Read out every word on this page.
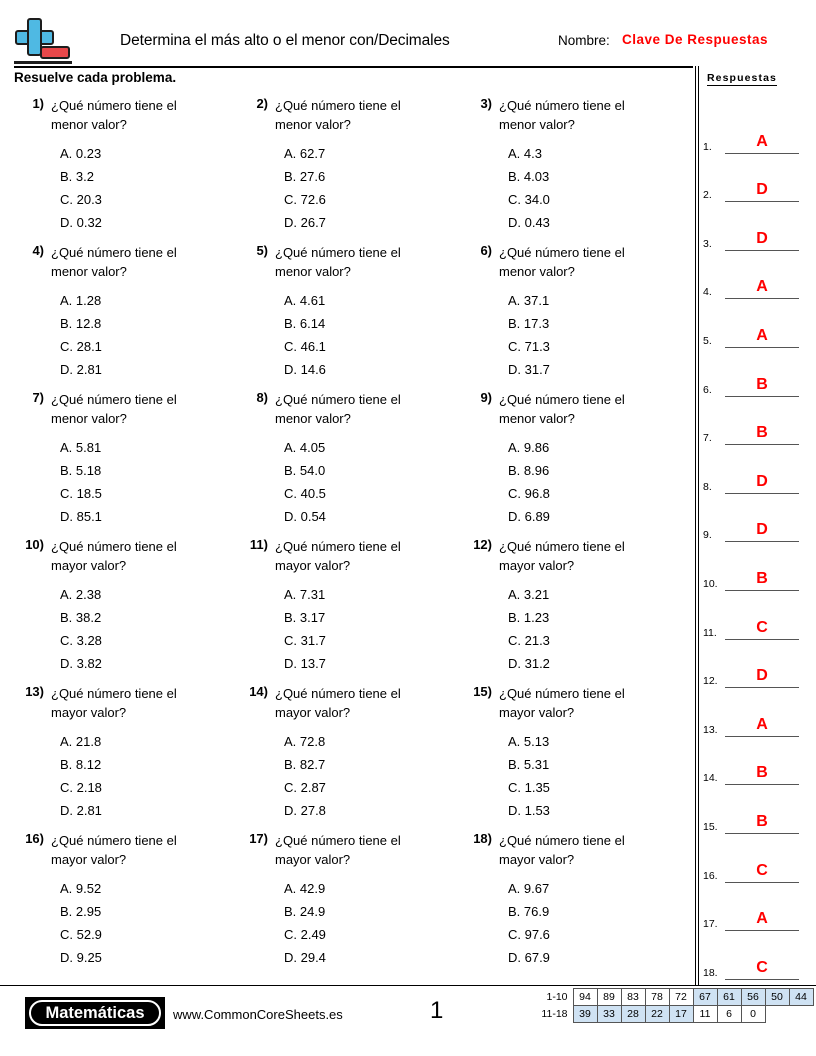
Determina el más alto o el menor con/Decimales	Nombre: Clave De Respuestas
Resuelve cada problema.
1) ¿Qué número tiene el menor valor?
A. 0.23
B. 3.2
C. 20.3
D. 0.32
2) ¿Qué número tiene el menor valor?
A. 62.7
B. 27.6
C. 72.6
D. 26.7
3) ¿Qué número tiene el menor valor?
A. 4.3
B. 4.03
C. 34.0
D. 0.43
4) ¿Qué número tiene el menor valor?
A. 1.28
B. 12.8
C. 28.1
D. 2.81
5) ¿Qué número tiene el menor valor?
A. 4.61
B. 6.14
C. 46.1
D. 14.6
6) ¿Qué número tiene el menor valor?
A. 37.1
B. 17.3
C. 71.3
D. 31.7
7) ¿Qué número tiene el menor valor?
A. 5.81
B. 5.18
C. 18.5
D. 85.1
8) ¿Qué número tiene el menor valor?
A. 4.05
B. 54.0
C. 40.5
D. 0.54
9) ¿Qué número tiene el menor valor?
A. 9.86
B. 8.96
C. 96.8
D. 6.89
10) ¿Qué número tiene el mayor valor?
A. 2.38
B. 38.2
C. 3.28
D. 3.82
11) ¿Qué número tiene el mayor valor?
A. 7.31
B. 3.17
C. 31.7
D. 13.7
12) ¿Qué número tiene el mayor valor?
A. 3.21
B. 1.23
C. 21.3
D. 31.2
13) ¿Qué número tiene el mayor valor?
A. 21.8
B. 8.12
C. 2.18
D. 2.81
14) ¿Qué número tiene el mayor valor?
A. 72.8
B. 82.7
C. 2.87
D. 27.8
15) ¿Qué número tiene el mayor valor?
A. 5.13
B. 5.31
C. 1.35
D. 1.53
16) ¿Qué número tiene el mayor valor?
A. 9.52
B. 2.95
C. 52.9
D. 9.25
17) ¿Qué número tiene el mayor valor?
A. 42.9
B. 24.9
C. 2.49
D. 29.4
18) ¿Qué número tiene el mayor valor?
A. 9.67
B. 76.9
C. 97.6
D. 67.9
Respuestas
1.	A
2.	D
3.	D
4.	A
5.	A
6.	B
7.	B
8.	D
9.	D
10.	B
11.	C
12.	D
13.	A
14.	B
15.	B
16.	C
17.	A
18.	C
Matemáticas	www.CommonCoreSheets.es	1	1-10	94	89	83	78	72	67	61	56	50	44
11-18	39	33	28	22	17	11	6	0		
